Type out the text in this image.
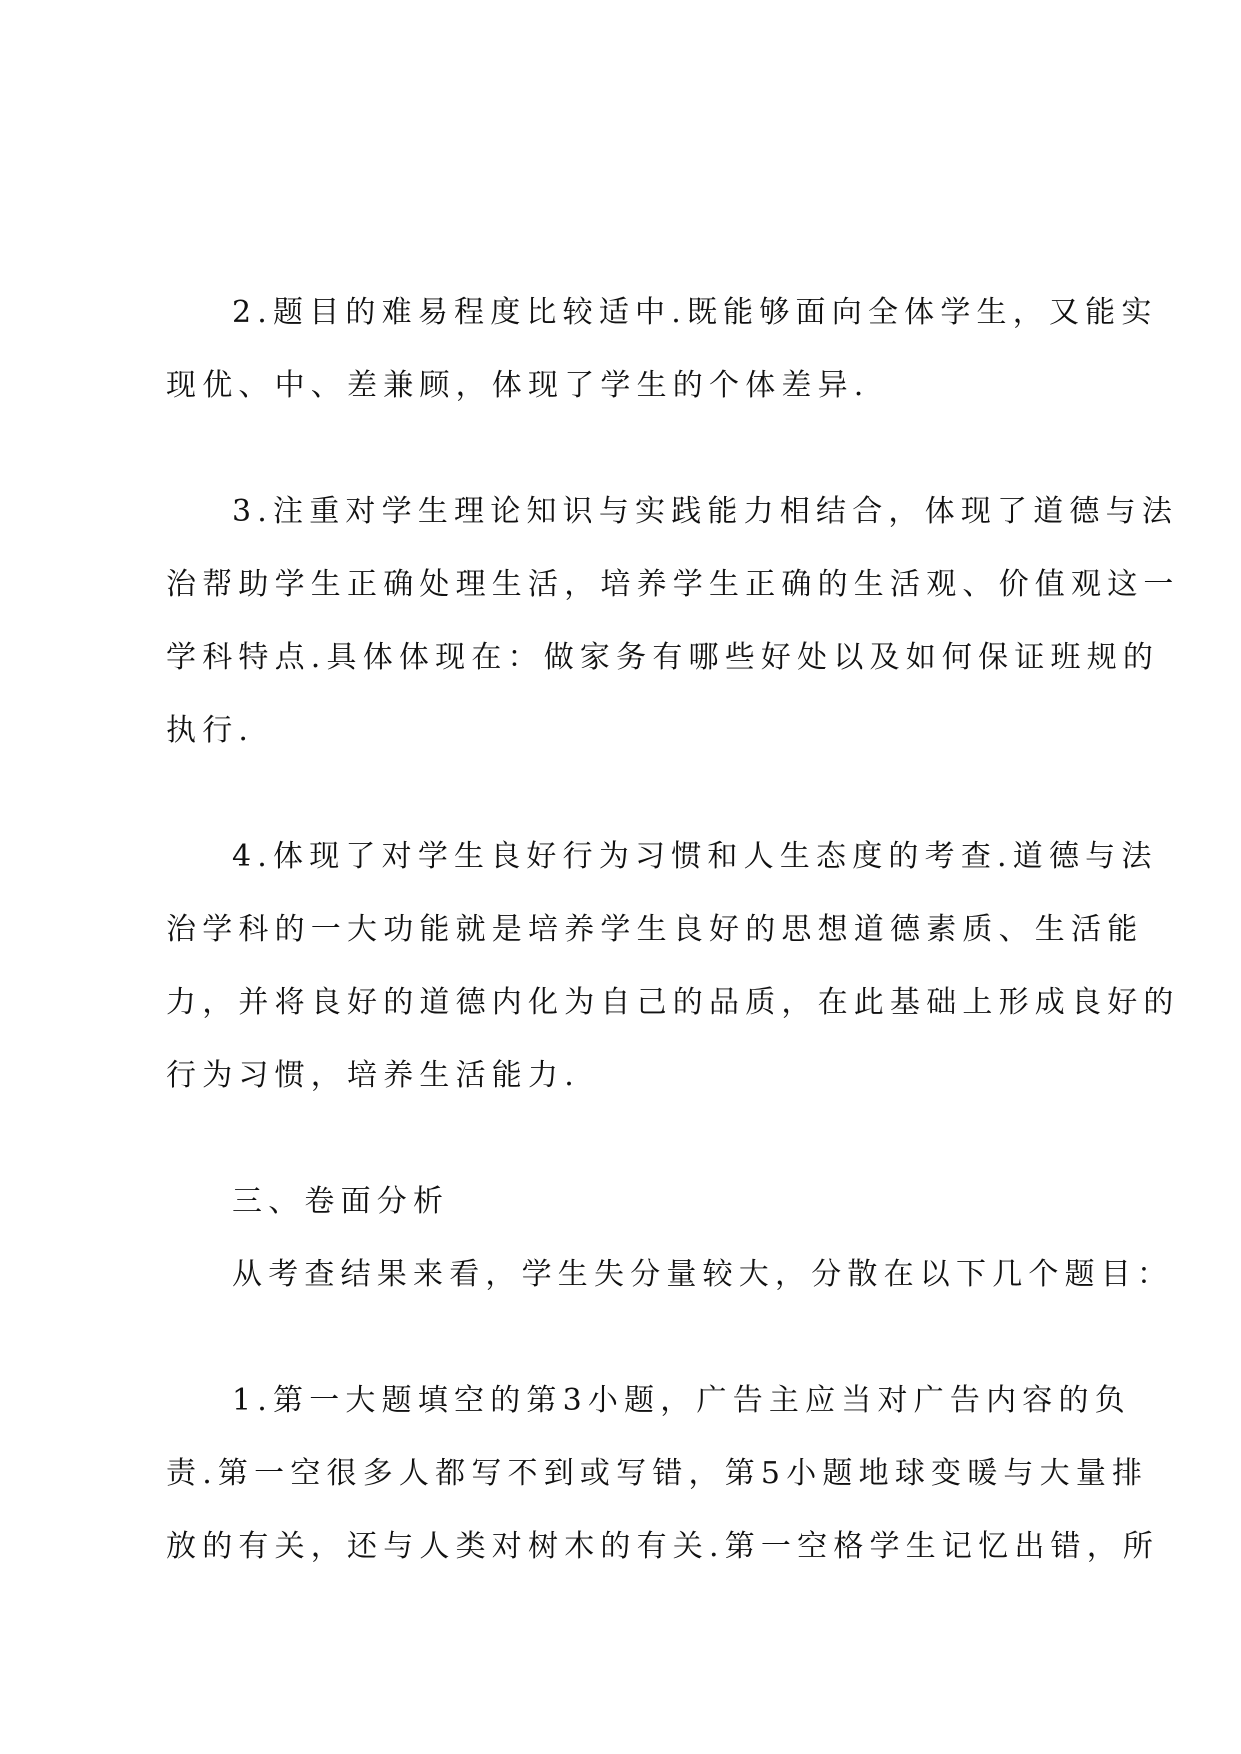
2.题目的难易程度比较适中.既能够面向全体学生，又能实
现优、中、差兼顾，体现了学生的个体差异.
3.注重对学生理论知识与实践能力相结合，体现了道德与法
治帮助学生正确处理生活，培养学生正确的生活观、价值观这一
学科特点.具体体现在：做家务有哪些好处以及如何保证班规的
执行.
4.体现了对学生良好行为习惯和人生态度的考查.道德与法
治学科的一大功能就是培养学生良好的思想道德素质、生活能
力，并将良好的道德内化为自己的品质，在此基础上形成良好的
行为习惯，培养生活能力.
三、卷面分析
从考查结果来看，学生失分量较大，分散在以下几个题目：
1.第一大题填空的第3小题，广告主应当对广告内容的负
责.第一空很多人都写不到或写错，第5小题地球变暖与大量排
放的有关，还与人类对树木的有关.第一空格学生记忆出错，所
